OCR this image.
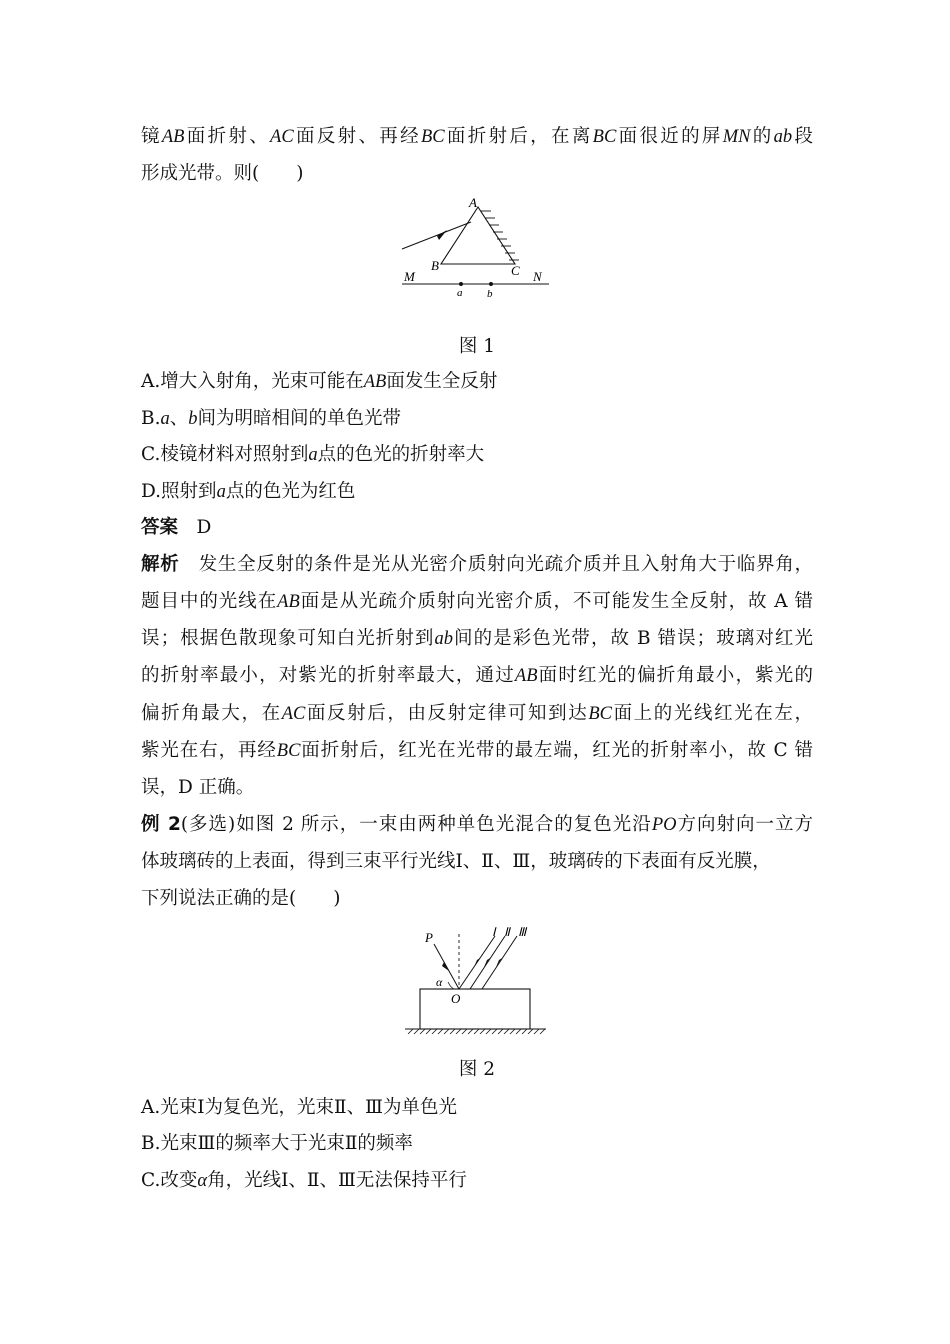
镜AB面折射、AC面反射、再经BC面折射后，在离BC面很近的屏MN的ab段
形成光带。则(　　)
A
B	C
M	N
a b
图 1
A.增大入射角，光束可能在AB面发生全反射
B.a、b间为明暗相间的单色光带
C.棱镜材料对照射到a点的色光的折射率大
D.照射到a点的色光为红色
答案　 D
解析　 发生全反射的条件是光从光密介质射向光疏介质并且入射角大于临界角，
题目中的光线在AB面是从光疏介质射向光密介质，不可能发生全反射，故 A 错
误；根据色散现象可知白光折射到ab间的是彩色光带，故 B 错误；玻璃对红光
的折射率最小，对紫光的折射率最大，通过AB面时红光的偏折角最小，紫光的
偏折角最大，在AC面反射后，由反射定律可知到达BC面上的光线红光在左，
紫光在右，再经BC面折射后，红光在光带的最左端，红光的折射率小，故 C 错
误，D 正确。
例 2(多选)如图 2 所示，一束由两种单色光混合的复色光沿PO方向射向一立方
体玻璃砖的上表面，得到三束平行光线Ⅰ、Ⅱ、Ⅲ，玻璃砖的下表面有反光膜，
下列说法正确的是(　　)
P
α
O
Ⅰ Ⅱ Ⅲ
图 2
A.光束Ⅰ为复色光，光束Ⅱ、Ⅲ为单色光
B.光束Ⅲ的频率大于光束Ⅱ的频率
C.改变α角，光线Ⅰ、Ⅱ、Ⅲ无法保持平行
